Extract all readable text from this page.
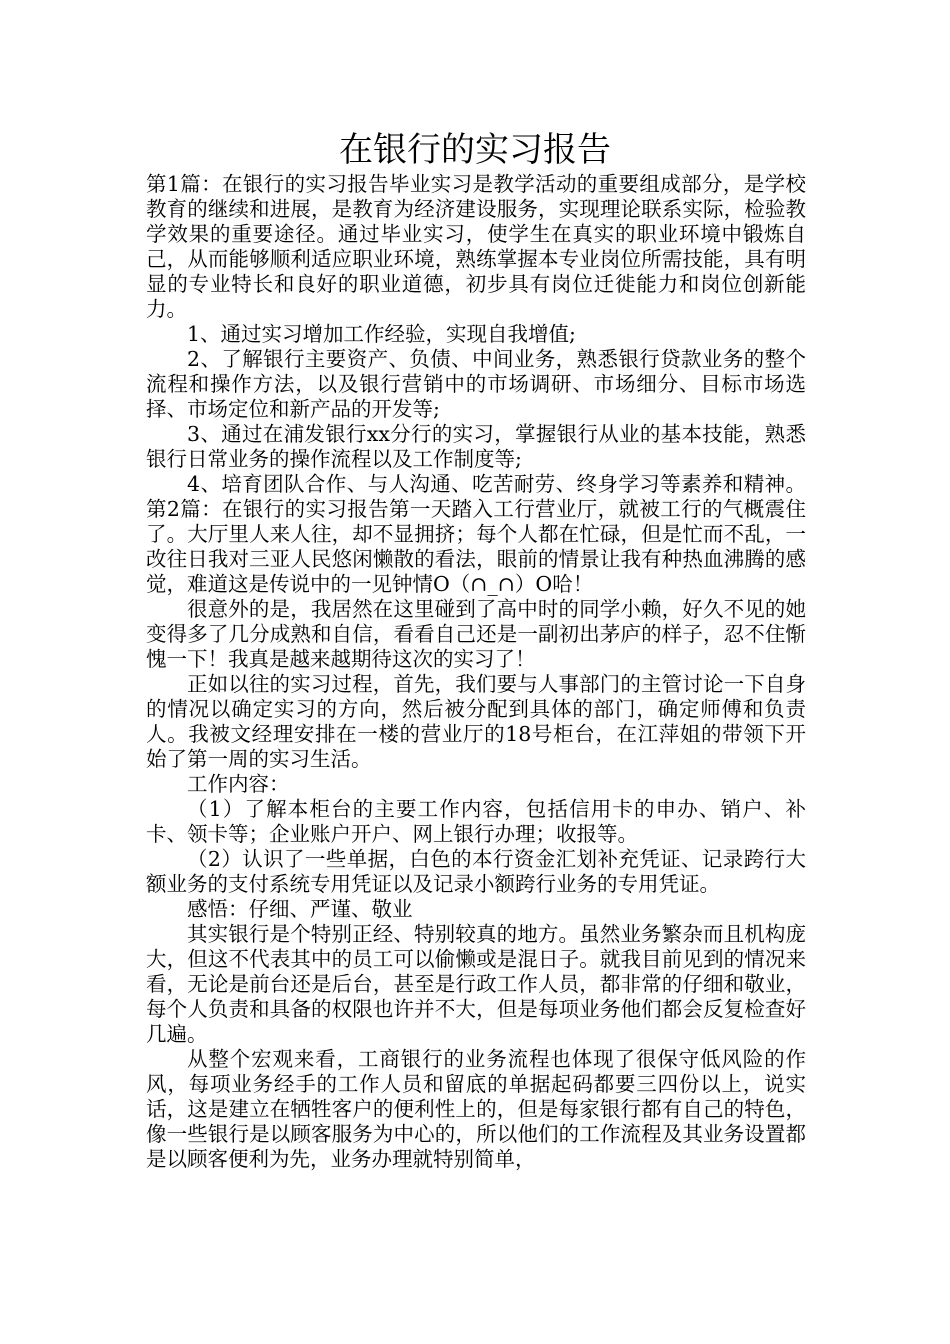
在银行的实习报告

第1篇：在银行的实习报告毕业实习是教学活动的重要组成部分，是学校教育的继续和进展，是教育为经济建设服务，实现理论联系实际，检验教学效果的重要途径。通过毕业实习，使学生在真实的职业环境中锻炼自己，从而能够顺利适应职业环境，熟练掌握本专业岗位所需技能，具有明显的专业特长和良好的职业道德，初步具有岗位迁徙能力和岗位创新能力。

1、通过实习增加工作经验，实现自我增值;

2、了解银行主要资产、负债、中间业务，熟悉银行贷款业务的整个流程和操作方法，以及银行营销中的市场调研、市场细分、目标市场选择、市场定位和新产品的开发等;

3、通过在浦发银行xx分行的实习，掌握银行从业的基本技能，熟悉银行日常业务的操作流程以及工作制度等;

4、培育团队合作、与人沟通、吃苦耐劳、终身学习等素养和精神。第2篇：在银行的实习报告第一天踏入工行营业厅，就被工行的气概震住了。大厅里人来人往，却不显拥挤；每个人都在忙碌，但是忙而不乱，一改往日我对三亚人民悠闲懒散的看法，眼前的情景让我有种热血沸腾的感觉，难道这是传说中的一见钟情O（∩_∩）O哈！

很意外的是，我居然在这里碰到了高中时的同学小赖，好久不见的她变得多了几分成熟和自信，看看自己还是一副初出茅庐的样子，忍不住惭愧一下！我真是越来越期待这次的实习了！

正如以往的实习过程，首先，我们要与人事部门的主管讨论一下自身的情况以确定实习的方向，然后被分配到具体的部门，确定师傅和负责人。我被文经理安排在一楼的营业厅的18号柜台，在江萍姐的带领下开始了第一周的实习生活。

工作内容：

（1）了解本柜台的主要工作内容，包括信用卡的申办、销户、补卡、领卡等；企业账户开户、网上银行办理；收报等。

（2）认识了一些单据，白色的本行资金汇划补充凭证、记录跨行大额业务的支付系统专用凭证以及记录小额跨行业务的专用凭证。

感悟：仔细、严谨、敬业

其实银行是个特别正经、特别较真的地方。虽然业务繁杂而且机构庞大，但这不代表其中的员工可以偷懒或是混日子。就我目前见到的情况来看，无论是前台还是后台，甚至是行政工作人员，都非常的仔细和敬业，每个人负责和具备的权限也许并不大，但是每项业务他们都会反复检查好几遍。

从整个宏观来看，工商银行的业务流程也体现了很保守低风险的作风，每项业务经手的工作人员和留底的单据起码都要三四份以上，说实话，这是建立在牺牲客户的便利性上的，但是每家银行都有自己的特色，像一些银行是以顾客服务为中心的，所以他们的工作流程及其业务设置都是以顾客便利为先，业务办理就特别简单，
